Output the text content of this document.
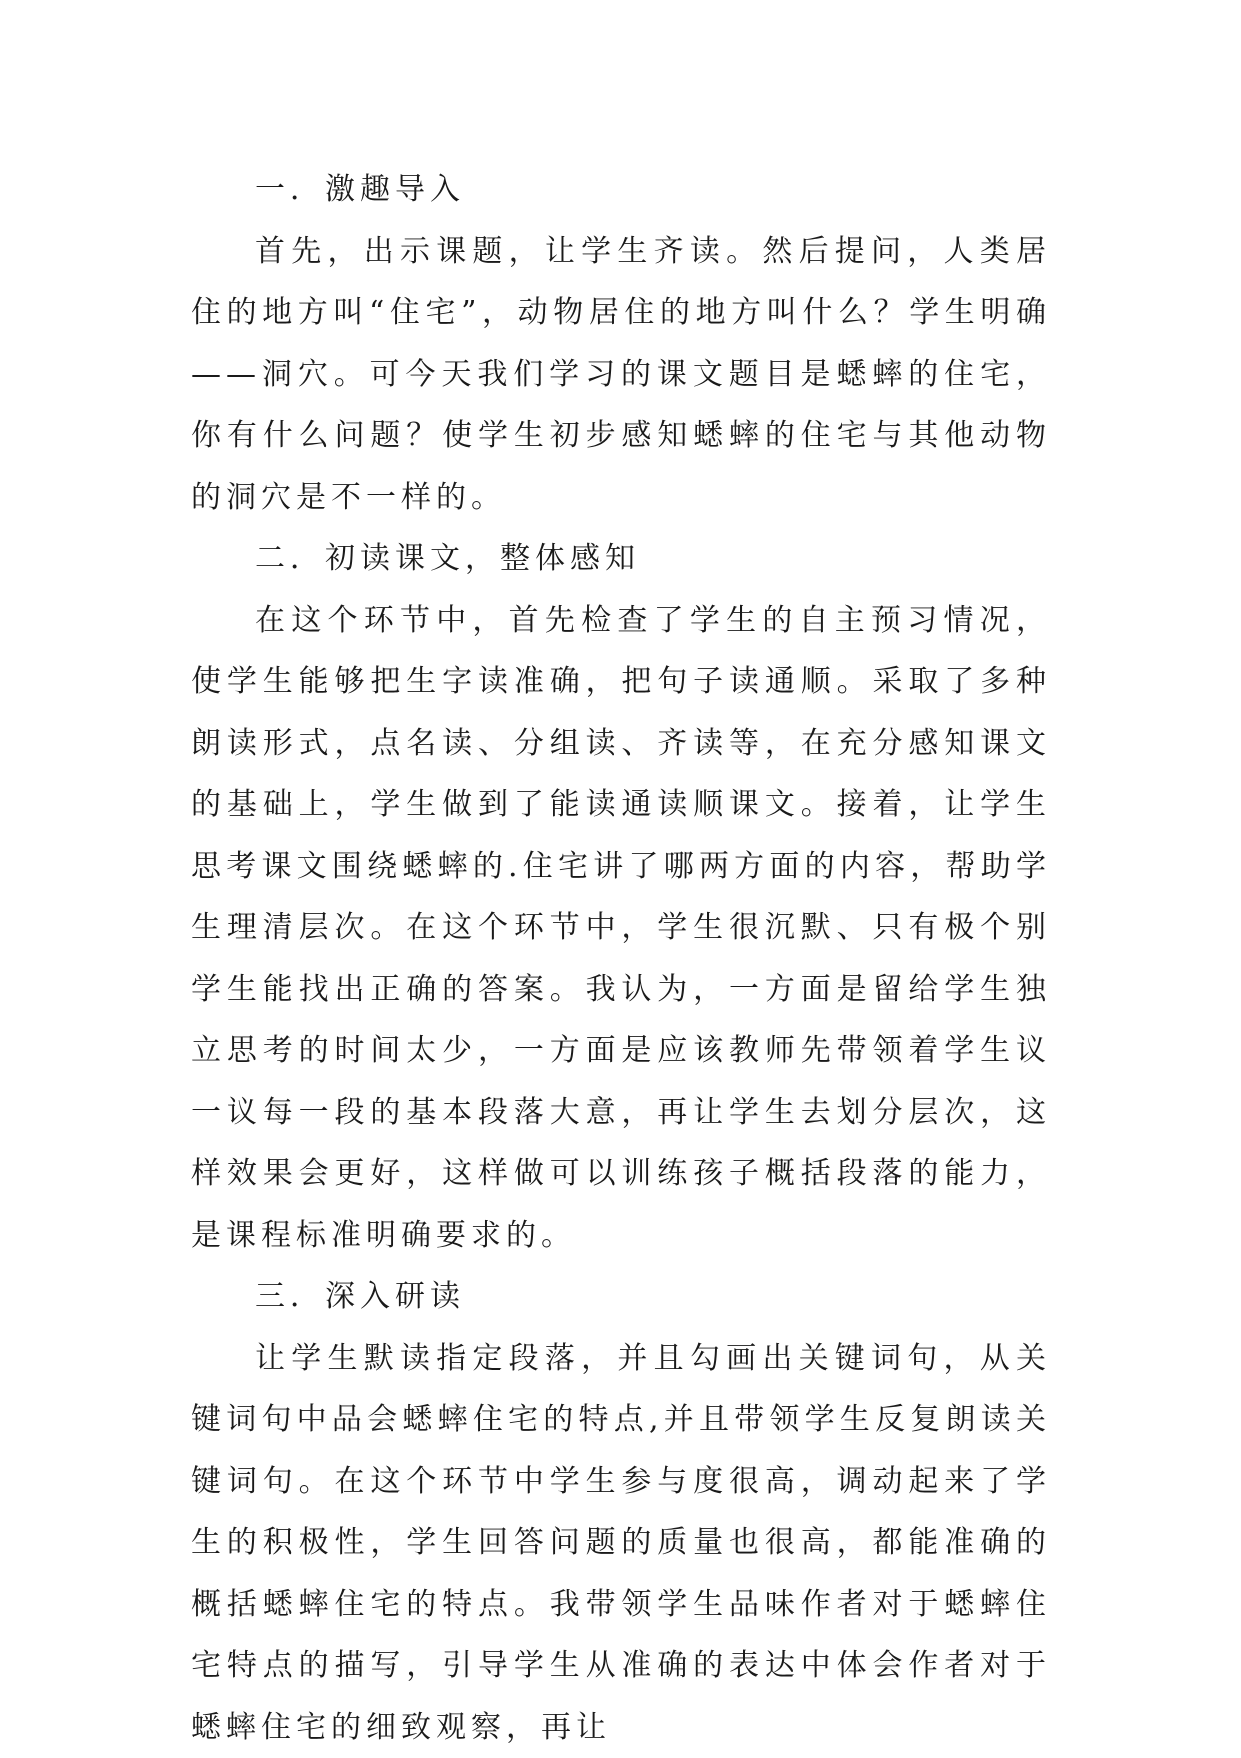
一．激趣导入

首先，出示课题，让学生齐读。然后提问，人类居住的地方叫“住宅”，动物居住的地方叫什么？学生明确——洞穴。可今天我们学习的课文题目是蟋蟀的住宅，你有什么问题？使学生初步感知蟋蟀的住宅与其他动物的洞穴是不一样的。

二．初读课文，整体感知

在这个环节中，首先检查了学生的自主预习情况，使学生能够把生字读准确，把句子读通顺。采取了多种朗读形式，点名读、分组读、齐读等，在充分感知课文的基础上，学生做到了能读通读顺课文。接着，让学生思考课文围绕蟋蟀的.住宅讲了哪两方面的内容，帮助学生理清层次。在这个环节中，学生很沉默、只有极个别学生能找出正确的答案。我认为，一方面是留给学生独立思考的时间太少，一方面是应该教师先带领着学生议一议每一段的基本段落大意，再让学生去划分层次，这样效果会更好，这样做可以训练孩子概括段落的能力，是课程标准明确要求的。

三．深入研读

让学生默读指定段落，并且勾画出关键词句，从关键词句中品会蟋蟀住宅的特点,并且带领学生反复朗读关键词句。在这个环节中学生参与度很高，调动起来了学生的积极性，学生回答问题的质量也很高，都能准确的概括蟋蟀住宅的特点。我带领学生品味作者对于蟋蟀住宅特点的描写，引导学生从准确的表达中体会作者对于蟋蟀住宅的细致观察，再让
